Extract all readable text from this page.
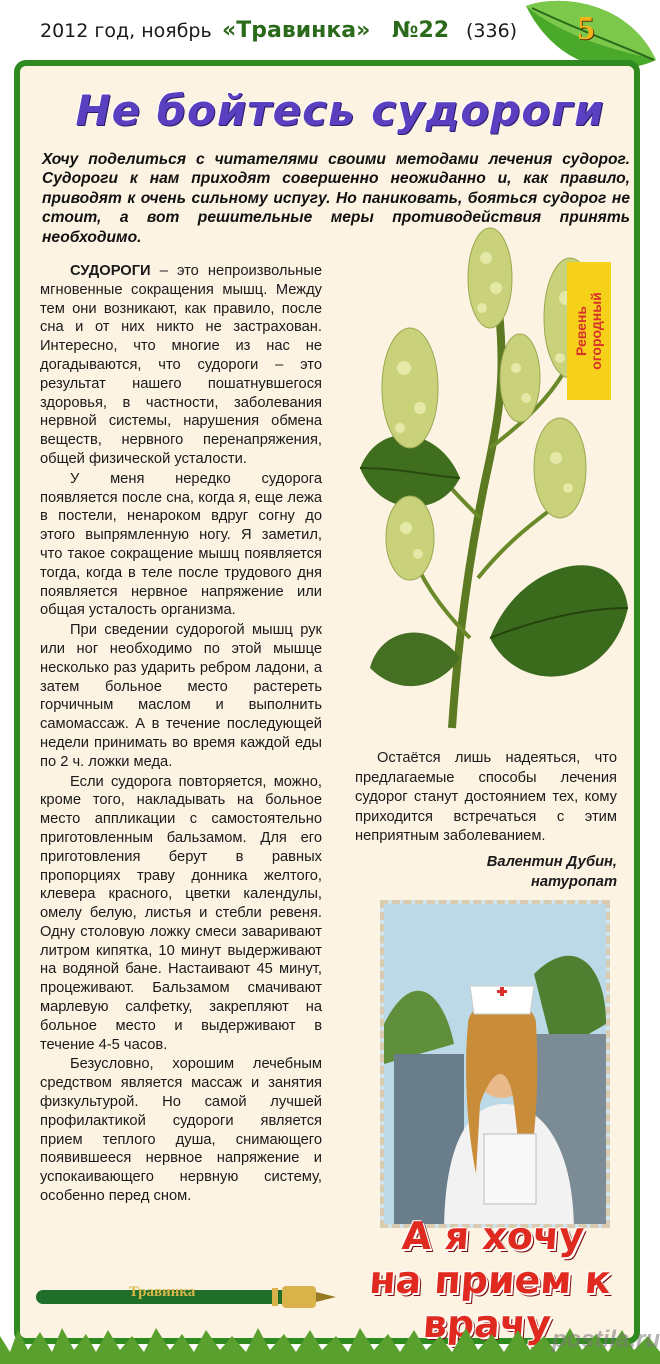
2012 год, ноябрь «Травинка» №22 (336)	5
Не бойтесь судороги
Хочу поделиться с читателями своими методами лечения судорог. Судороги к нам приходят совершенно неожиданно и, как правило, приводят к очень сильному испугу. Но паниковать, бояться судорог не стоит, а вот решительные меры противодействия принять необходимо.

СУДОРОГИ – это непроизвольные мгновенные сокращения мышц. Между тем они возникают, как правило, после сна и от них никто не застрахован. Интересно, что многие из нас не догадываются, что судороги – это результат нашего пошатнувшегося здоровья, в частности, заболевания нервной системы, нарушения обмена веществ, нервного перенапряжения, общей физической усталости.

У меня нередко судорога появляется после сна, когда я, еще лежа в постели, ненароком вдруг согну до этого выпрямленную ногу. Я заметил, что такое сокращение мышц появляется тогда, когда в теле после трудового дня появляется нервное напряжение или общая усталость организма.

При сведении судорогой мышц рук или ног необходимо по этой мышце несколько раз ударить ребром ладони, а затем больное место растереть горчичным маслом и выполнить самомассаж. А в течение последующей недели принимать во время каждой еды по 2 ч. ложки меда.

Если судорога повторяется, можно, кроме того, накладывать на больное место аппликации с самостоятельно приготовленным бальзамом. Для его приготовления берут в равных пропорциях траву донника желтого, клевера красного, цветки календулы, омелу белую, листья и стебли ревеня. Одну столовую ложку смеси заваривают литром кипятка, 10 минут выдерживают на водяной бане. Настаивают 45 минут, процеживают. Бальзамом смачивают марлевую салфетку, закрепляют на больное место и выдерживают в течение 4-5 часов.

Безусловно, хорошим лечебным средством является массаж и занятия физкультурой. Но самой лучшей профилактикой судороги является прием теплого душа, снимающего появившееся нервное напряжение и успокаивающего нервную систему, особенно перед сном.

Ревень огородный

Остаётся лишь надеяться, что предлагаемые способы лечения судорог станут достоянием тех, кому приходится встречаться с этим неприятным заболеванием.

Валентин Дубин,
натуропат
А я хочу
на прием к врачу
Травинка
postila.ru
